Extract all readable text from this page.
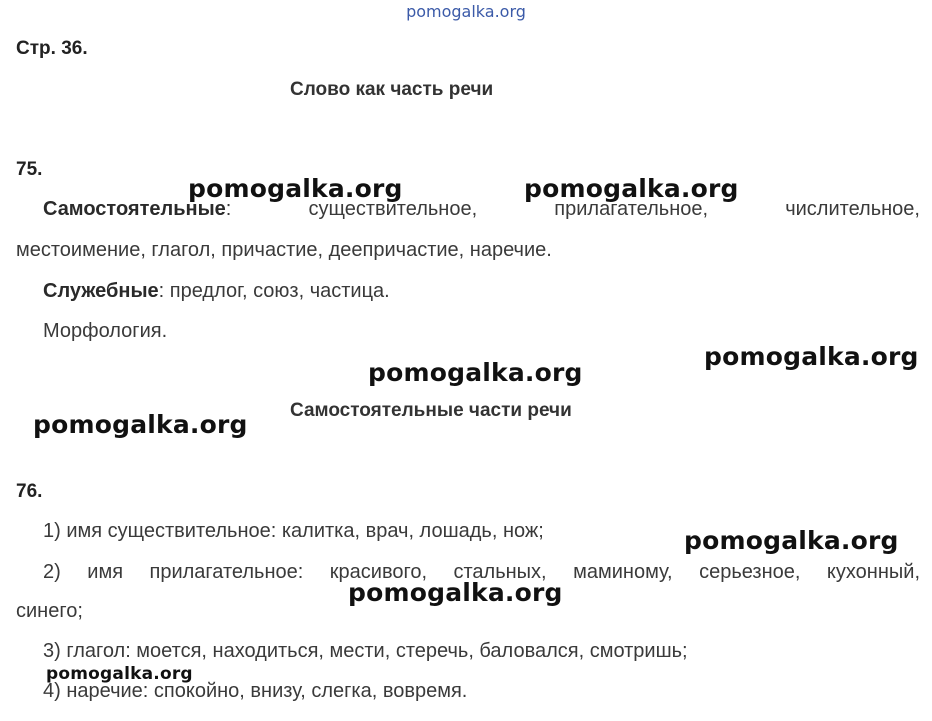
pomogalka.org
Стр. 36.
Слово как часть речи
75.
Самостоятельные:	существительное,	прилагательное,	числительное,
местоимение, глагол, причастие, деепричастие, наречие.
Служебные: предлог, союз, частица.
Морфология.
Самостоятельные части речи
76.
1) имя существительное: калитка, врач, лошадь, нож;
2) имя прилагательное: красивого, стальных, маминому, серьезное, кухонный,
синего;
3) глагол: моется, находиться, мести, стеречь, баловался, смотришь;
4) наречие: спокойно, внизу, слегка, вовремя.
pomogalka.org	pomogalka.org
pomogalka.org
pomogalka.org
pomogalka.org
pomogalka.org
pomogalka.org
pomogalka.org
